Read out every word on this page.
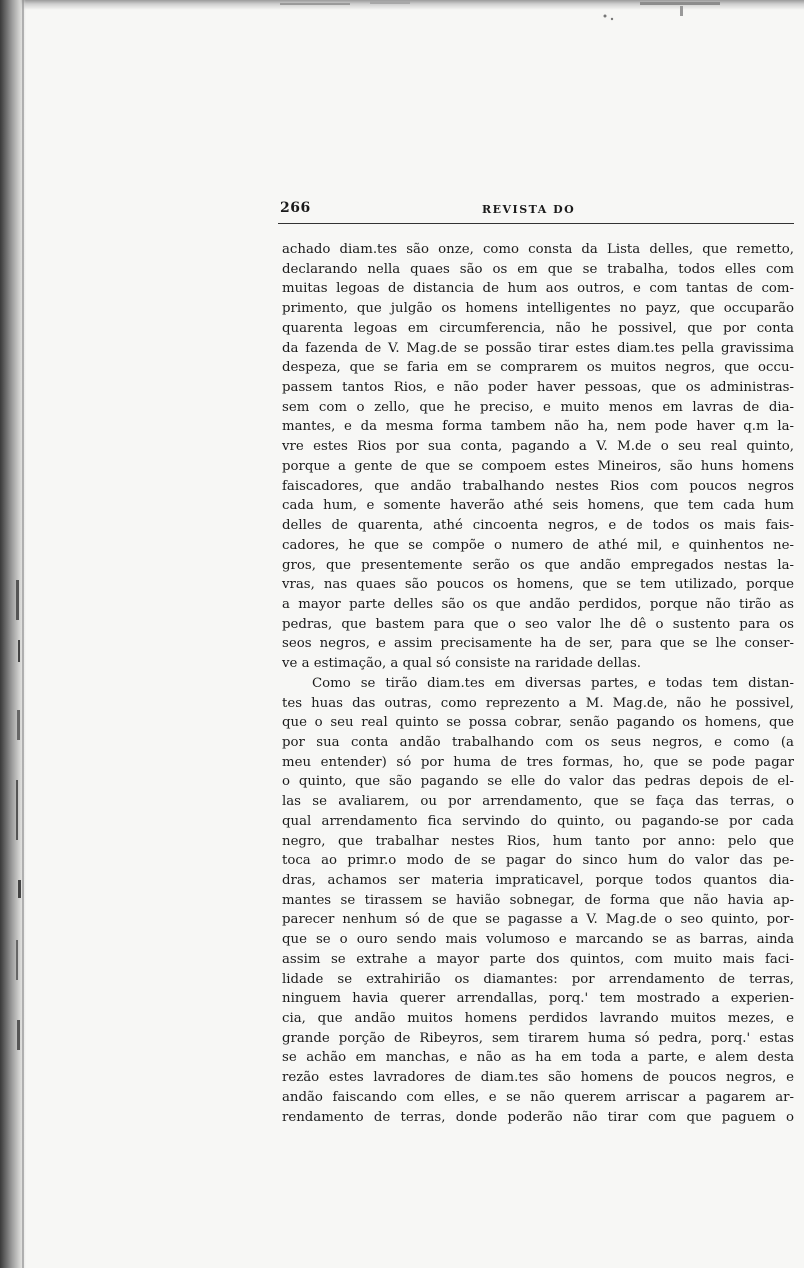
266	REVISTA DO
achado diam.tes são onze, como consta da Lista delles, que remetto,
declarando nella quaes são os em que se trabalha, todos elles com
muitas legoas de distancia de hum aos outros, e com tantas de com-
primento, que julgão os homens intelligentes no payz, que occuparão
quarenta legoas em circumferencia, não he possivel, que por conta
da fazenda de V. Mag.de se possão tirar estes diam.tes pella gravissima
despeza, que se faria em se comprarem os muitos negros, que occu-
passem tantos Rios, e não poder haver pessoas, que os administras-
sem com o zello, que he preciso, e muito menos em lavras de dia-
mantes, e da mesma forma tambem não ha, nem pode haver q.m la-
vre estes Rios por sua conta, pagando a V. M.de o seu real quinto,
porque a gente de que se compoem estes Mineiros, são huns homens
faiscadores, que andão trabalhando nestes Rios com poucos negros
cada hum, e somente haverão athé seis homens, que tem cada hum
delles de quarenta, athé cincoenta negros, e de todos os mais fais-
cadores, he que se compõe o numero de athé mil, e quinhentos ne-
gros, que presentemente serão os que andão empregados nestas la-
vras, nas quaes são poucos os homens, que se tem utilizado, porque
a mayor parte delles são os que andão perdidos, porque não tirão as
pedras, que bastem para que o seo valor lhe dê o sustento para os
seos negros, e assim precisamente ha de ser, para que se lhe conser-
ve a estimação, a qual só consiste na raridade dellas.
Como se tirão diam.tes em diversas partes, e todas tem distan-
tes huas das outras, como reprezento a M. Mag.de, não he possivel,
que o seu real quinto se possa cobrar, senão pagando os homens, que
por sua conta andão trabalhando com os seus negros, e como (a
meu entender) só por huma de tres formas, ho, que se pode pagar
o quinto, que são pagando se elle do valor das pedras depois de el-
las se avaliarem, ou por arrendamento, que se faça das terras, o
qual arrendamento fica servindo do quinto, ou pagando-se por cada
negro, que trabalhar nestes Rios, hum tanto por anno: pelo que
toca ao primr.o modo de se pagar do sinco hum do valor das pe-
dras, achamos ser materia impraticavel, porque todos quantos dia-
mantes se tirassem se havião sobnegar, de forma que não havia ap-
parecer nenhum só de que se pagasse a V. Mag.de o seo quinto, por-
que se o ouro sendo mais volumoso e marcando se as barras, ainda
assim se extrahe a mayor parte dos quintos, com muito mais faci-
lidade se extrahirião os diamantes: por arrendamento de terras,
ninguem havia querer arrendallas, porq.' tem mostrado a experien-
cia, que andão muitos homens perdidos lavrando muitos mezes, e
grande porção de Ribeyros, sem tirarem huma só pedra, porq.' estas
se achão em manchas, e não as ha em toda a parte, e alem desta
rezão estes lavradores de diam.tes são homens de poucos negros, e
andão faiscando com elles, e se não querem arriscar a pagarem ar-
rendamento de terras, donde poderão não tirar com que paguem o
